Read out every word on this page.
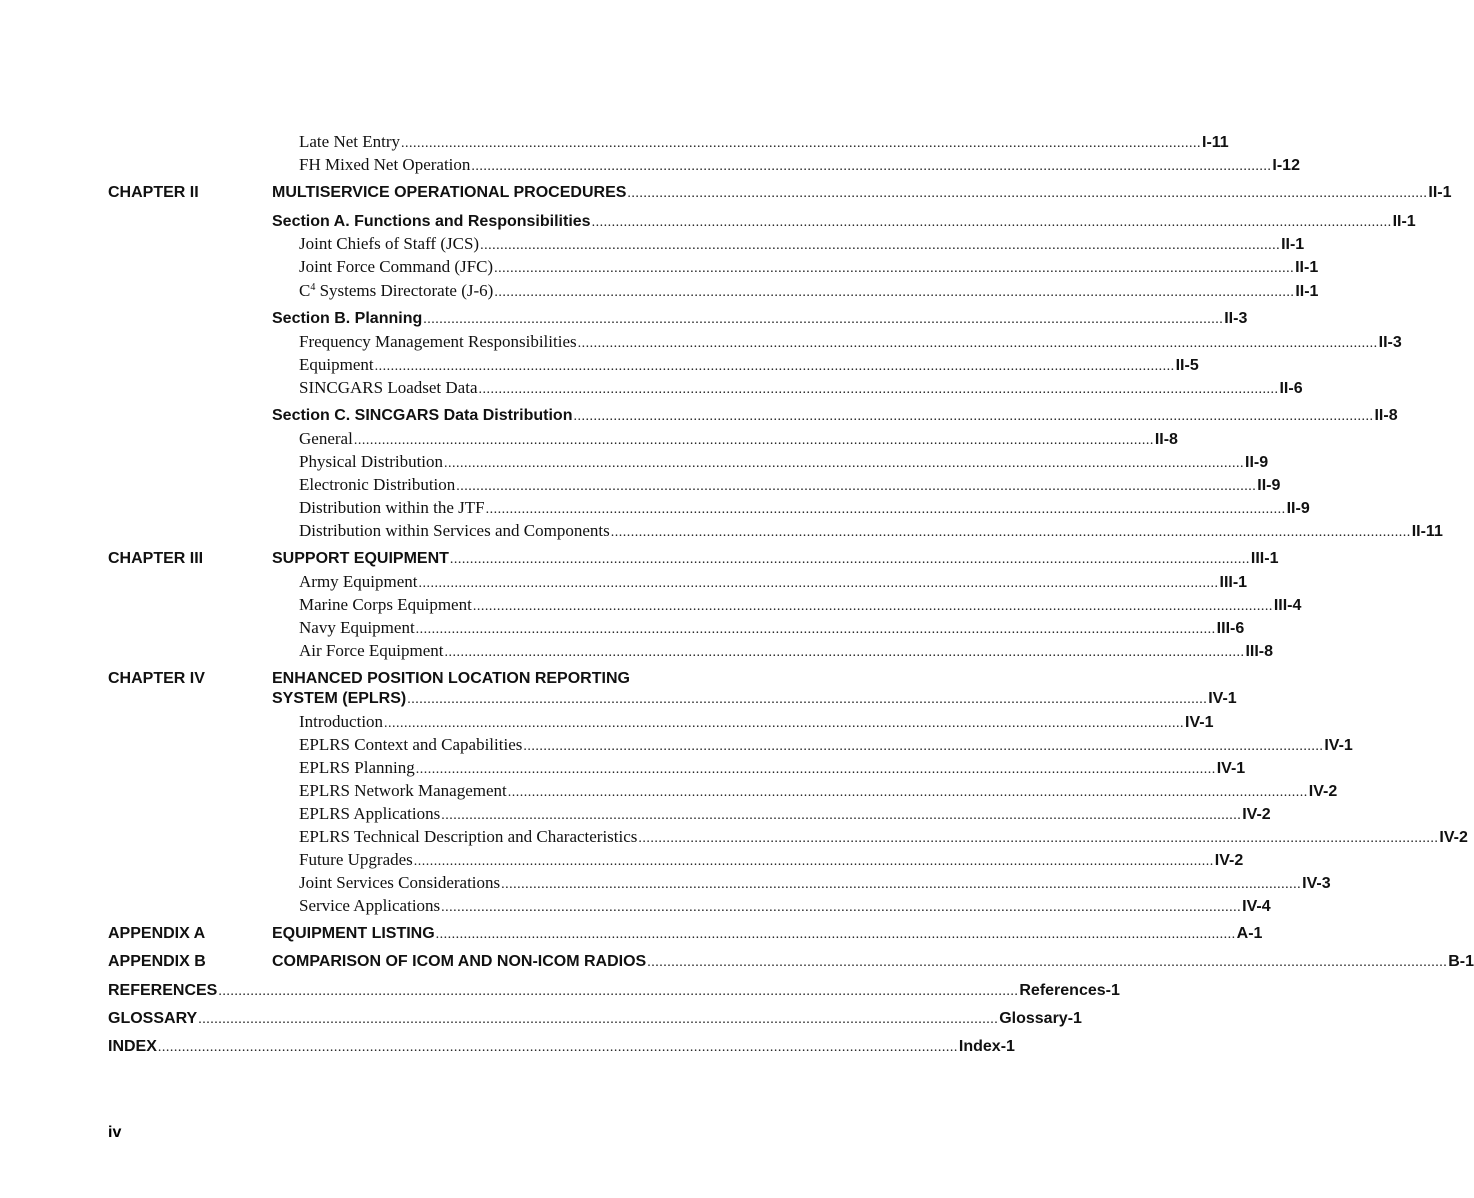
Late Net Entry ........................................................................................................................................................................................................ I-11
FH Mixed Net Operation ........................................................................................................................................................................................................ I-12
CHAPTER II	MULTISERVICE OPERATIONAL PROCEDURES ........................................................................................................................................................................................................ II-1
Section A. Functions and Responsibilities ........................................................................................................................................................................................................ II-1
Joint Chiefs of Staff (JCS) ........................................................................................................................................................................................................ II-1
Joint Force Command (JFC) ........................................................................................................................................................................................................ II-1
$C^4$ Systems Directorate (J-6) ........................................................................................................................................................................................................ II-1
Section B. Planning ........................................................................................................................................................................................................ II-3
Frequency Management Responsibilities ........................................................................................................................................................................................................ II-3
Equipment ........................................................................................................................................................................................................ II-5
SINCGARS Loadset Data ........................................................................................................................................................................................................ II-6
Section C. SINCGARS Data Distribution ........................................................................................................................................................................................................ II-8
General ........................................................................................................................................................................................................ II-8
Physical Distribution ........................................................................................................................................................................................................ II-9
Electronic Distribution ........................................................................................................................................................................................................ II-9
Distribution within the JTF ........................................................................................................................................................................................................ II-9
Distribution within Services and Components ........................................................................................................................................................................................................ II-11
CHAPTER III	SUPPORT EQUIPMENT ........................................................................................................................................................................................................ III-1
Army Equipment ........................................................................................................................................................................................................ III-1
Marine Corps Equipment ........................................................................................................................................................................................................ III-4
Navy Equipment ........................................................................................................................................................................................................ III-6
Air Force Equipment ........................................................................................................................................................................................................ III-8
CHAPTER IV	ENHANCED POSITION LOCATION REPORTING
SYSTEM (EPLRS) ........................................................................................................................................................................................................ IV-1
Introduction ........................................................................................................................................................................................................ IV-1
EPLRS Context and Capabilities ........................................................................................................................................................................................................ IV-1
EPLRS Planning ........................................................................................................................................................................................................ IV-1
EPLRS Network Management ........................................................................................................................................................................................................ IV-2
EPLRS Applications ........................................................................................................................................................................................................ IV-2
EPLRS Technical Description and Characteristics ........................................................................................................................................................................................................ IV-2
Future Upgrades ........................................................................................................................................................................................................ IV-2
Joint Services Considerations ........................................................................................................................................................................................................ IV-3
Service Applications ........................................................................................................................................................................................................ IV-4
APPENDIX A	EQUIPMENT LISTING ........................................................................................................................................................................................................ A-1
APPENDIX B	COMPARISON OF ICOM AND NON-ICOM RADIOS ........................................................................................................................................................................................................ B-1
REFERENCES ........................................................................................................................................................................................................ References-1
GLOSSARY ........................................................................................................................................................................................................ Glossary-1
INDEX ........................................................................................................................................................................................................ Index-1
iv
